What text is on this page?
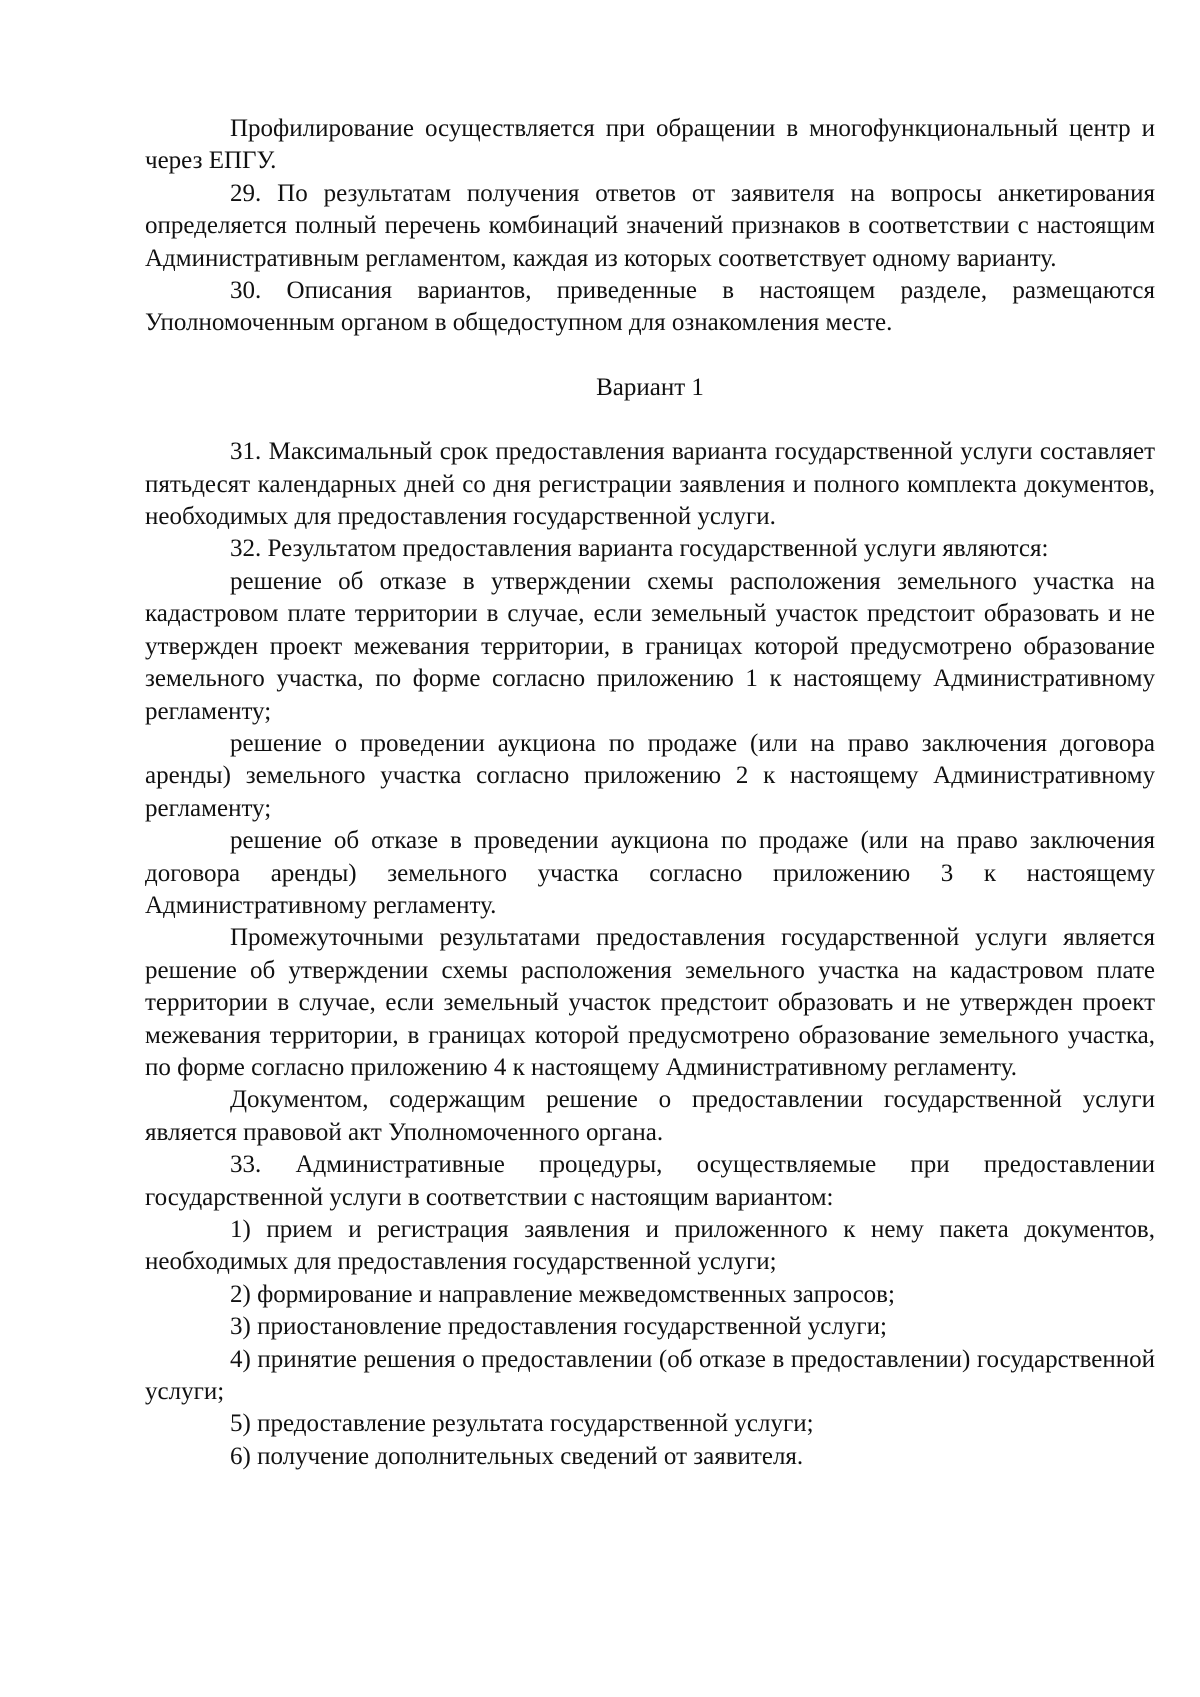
Профилирование осуществляется при обращении в многофункциональный центр и через ЕПГУ.

29. По результатам получения ответов от заявителя на вопросы анкетирования определяется полный перечень комбинаций значений признаков в соответствии с настоящим Административным регламентом, каждая из которых соответствует одному варианту.

30. Описания вариантов, приведенные в настоящем разделе, размещаются Уполномоченным органом в общедоступном для ознакомления месте.

Вариант 1

31. Максимальный срок предоставления варианта государственной услуги составляет пятьдесят календарных дней со дня регистрации заявления и полного комплекта документов, необходимых для предоставления государственной услуги.

32. Результатом предоставления варианта государственной услуги являются:

решение об отказе в утверждении схемы расположения земельного участка на кадастровом плате территории в случае, если земельный участок предстоит образовать и не утвержден проект межевания территории, в границах которой предусмотрено образование земельного участка, по форме согласно приложению 1 к настоящему Административному регламенту;

решение о проведении аукциона по продаже (или на право заключения договора аренды) земельного участка согласно приложению 2 к настоящему Административному регламенту;

решение об отказе в проведении аукциона по продаже (или на право заключения договора аренды) земельного участка согласно приложению 3 к настоящему Административному регламенту.

Промежуточными результатами предоставления государственной услуги является решение об утверждении схемы расположения земельного участка на кадастровом плате территории в случае, если земельный участок предстоит образовать и не утвержден проект межевания территории, в границах которой предусмотрено образование земельного участка, по форме согласно приложению 4 к настоящему Административному регламенту.

Документом, содержащим решение о предоставлении государственной услуги является правовой акт Уполномоченного органа.

33. Административные процедуры, осуществляемые при предоставлении государственной услуги в соответствии с настоящим вариантом:

1) прием и регистрация заявления и приложенного к нему пакета документов, необходимых для предоставления государственной услуги;

2) формирование и направление межведомственных запросов;

3) приостановление предоставления государственной услуги;

4) принятие решения о предоставлении (об отказе в предоставлении) государственной услуги;

5) предоставление результата государственной услуги;

6) получение дополнительных сведений от заявителя.
